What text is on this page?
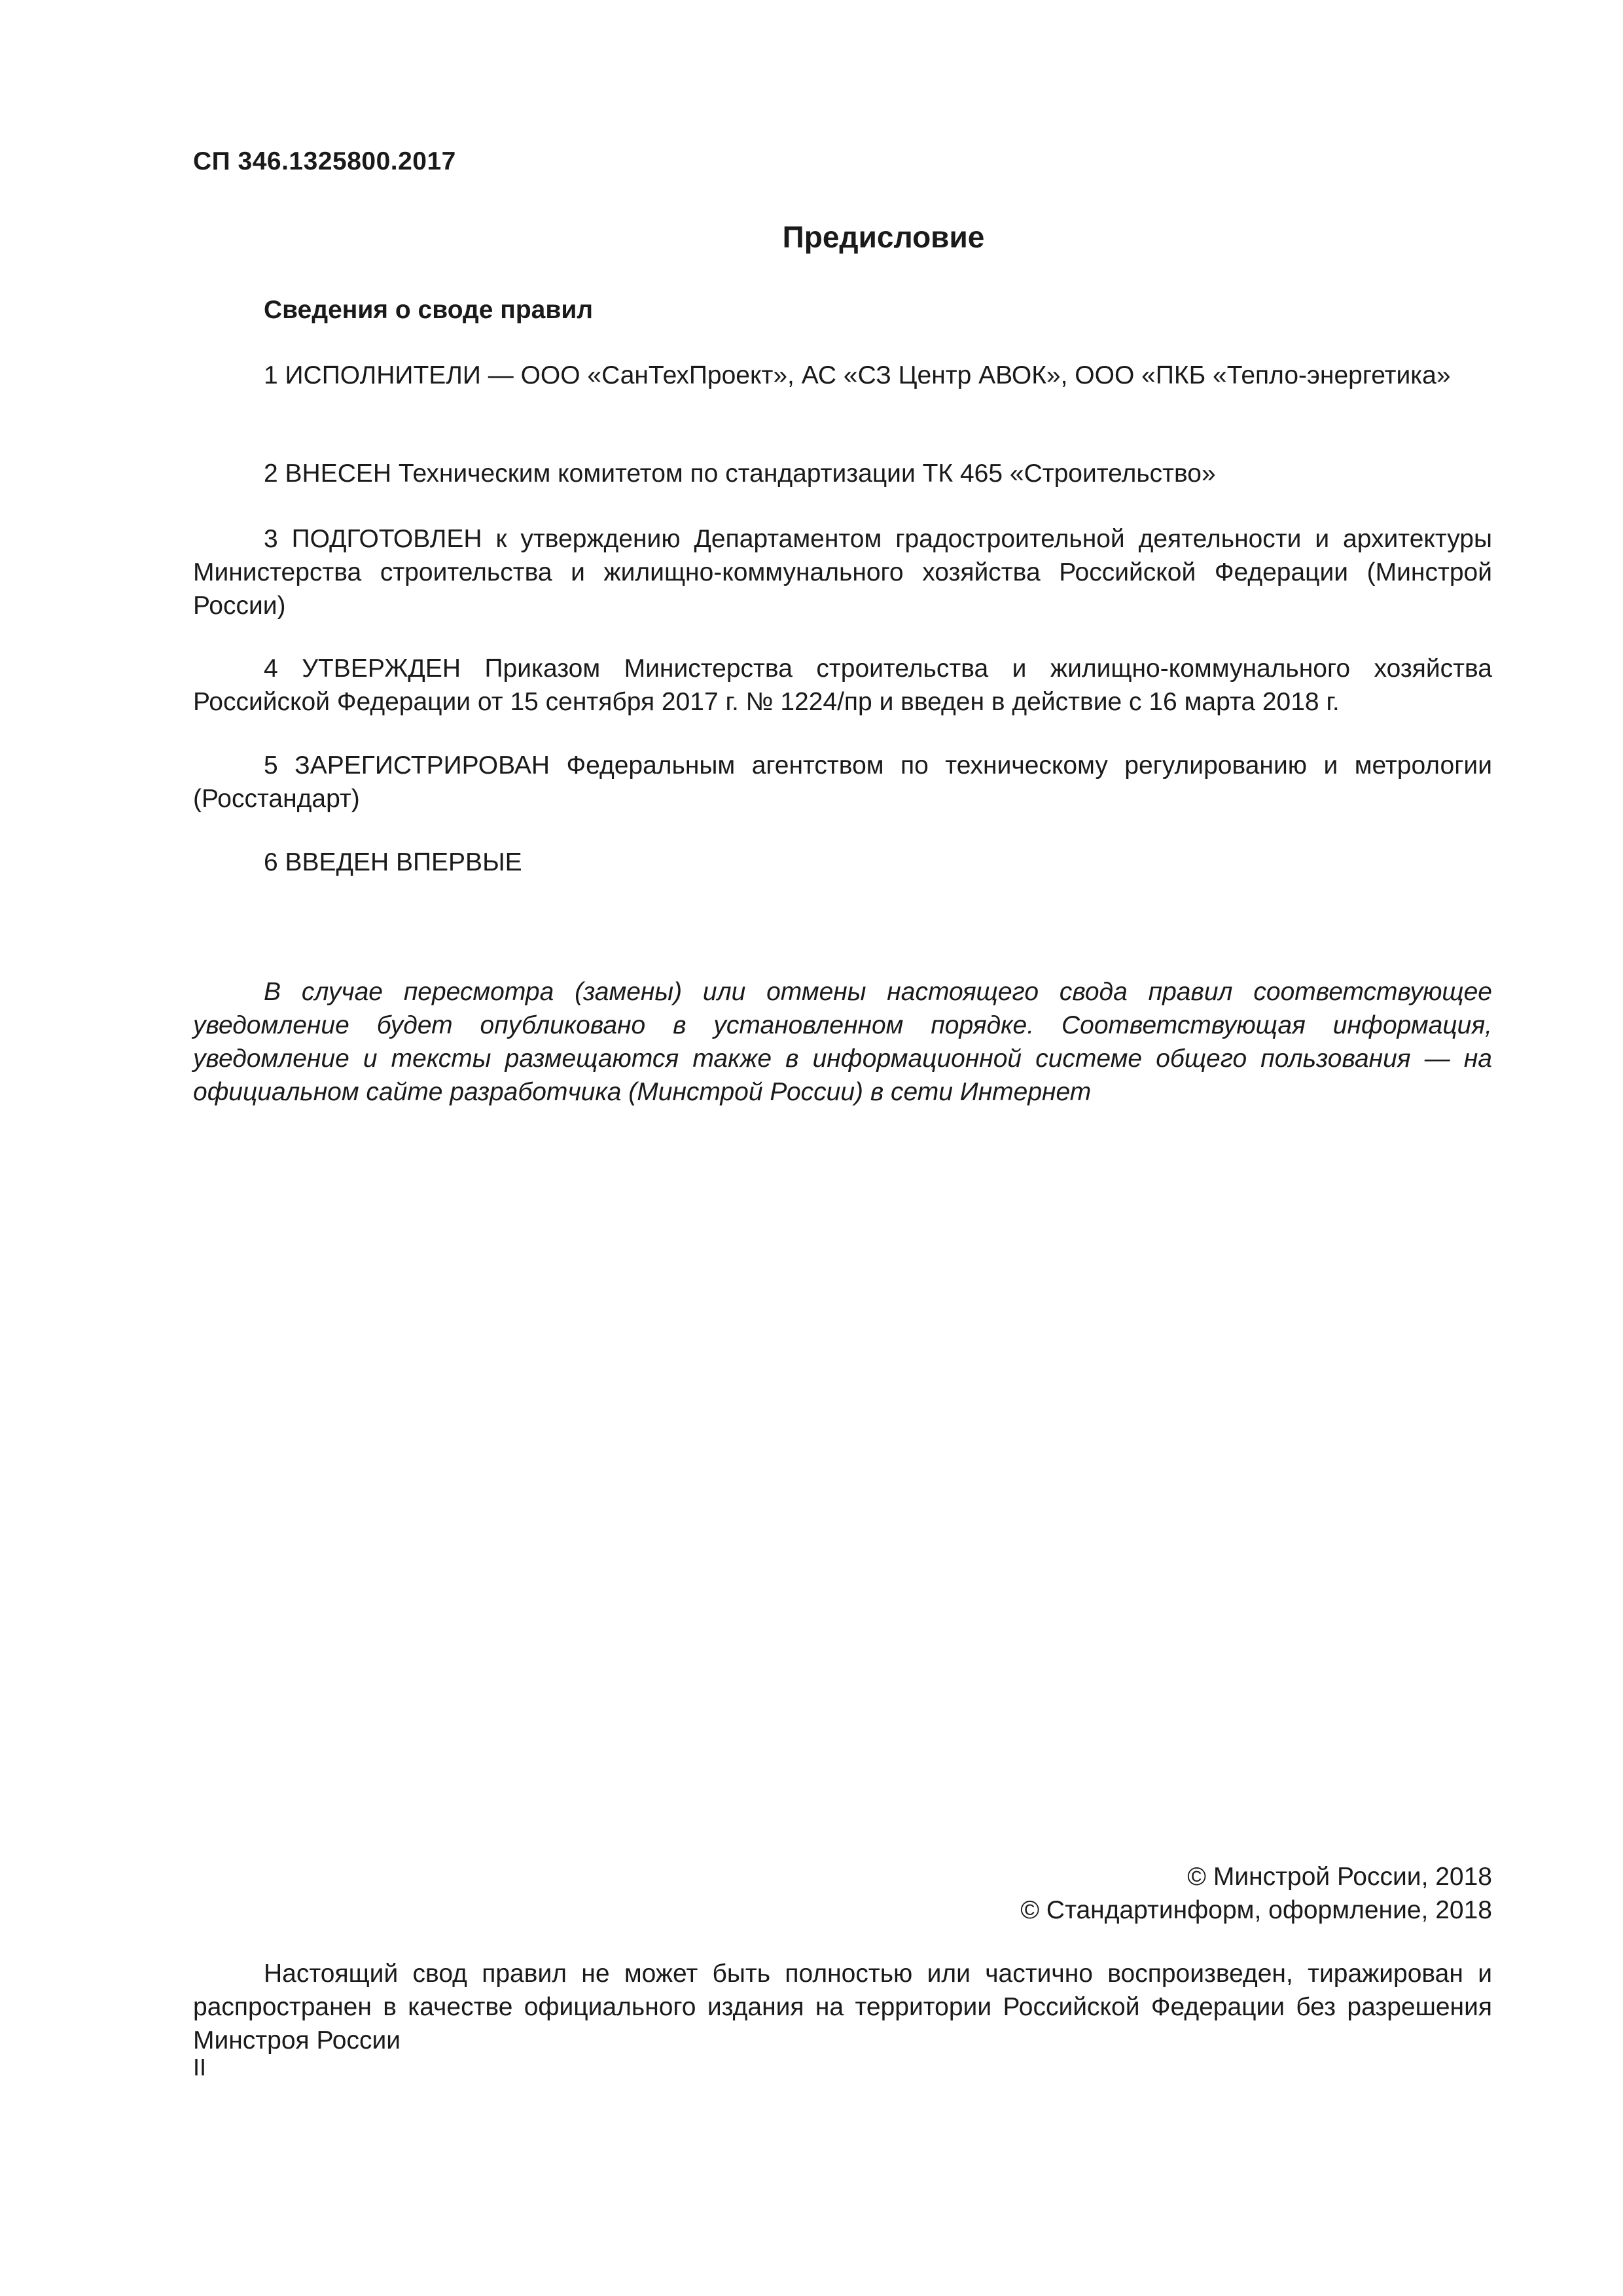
СП 346.1325800.2017
Предисловие
Сведения о своде правил

1 ИСПОЛНИТЕЛИ — ООО «СанТехПроект», АС «СЗ Центр АВОК», ООО «ПКБ «Тепло-энергетика»

2 ВНЕСЕН Техническим комитетом по стандартизации ТК 465 «Строительство»

3 ПОДГОТОВЛЕН к утверждению Департаментом градостроительной деятельности и архитектуры Министерства строительства и жилищно-коммунального хозяйства Российской Федерации (Минстрой России)

4 УТВЕРЖДЕН Приказом Министерства строительства и жилищно-коммунального хозяйства Российской Федерации от 15 сентября 2017 г. № 1224/пр и введен в действие с 16 марта 2018 г.

5 ЗАРЕГИСТРИРОВАН Федеральным агентством по техническому регулированию и метрологии (Росстандарт)

6 ВВЕДЕН ВПЕРВЫЕ

В случае пересмотра (замены) или отмены настоящего свода правил соответствующее уведомление будет опубликовано в установленном порядке. Соответствующая информация, уведомление и тексты размещаются также в информационной системе общего пользования — на официальном сайте разработчика (Минстрой России) в сети Интернет

© Минстрой России, 2018
© Стандартинформ, оформление, 2018

Настоящий свод правил не может быть полностью или частично воспроизведен, тиражирован и распространен в качестве официального издания на территории Российской Федерации без разрешения Минстроя России

II
